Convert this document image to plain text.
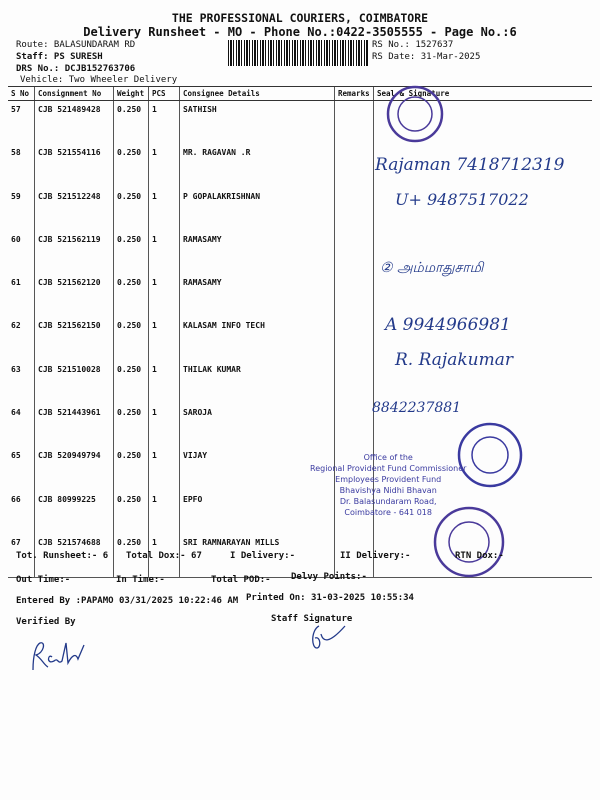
THE PROFESSIONAL COURIERS, COIMBATORE
Delivery Runsheet - MO - Phone No.:0422-3505555 - Page No.:6
Route: BALASUNDARAM RD
Staff: PS SURESH
DRS No.: DCJB152763706
Vehicle: Two Wheeler Delivery
RS No.: 1527637
RS Date: 31-Mar-2025
S No	Consignment No	Weight	PCS	Consignee Details	Remarks	Seal & Signature
57	CJB 521489428	0.250	1	SATHISH		
58	CJB 521554116	0.250	1	MR. RAGAVAN .R		
59	CJB 521512248	0.250	1	P GOPALAKRISHNAN		
60	CJB 521562119	0.250	1	RAMASAMY		
61	CJB 521562120	0.250	1	RAMASAMY		
62	CJB 521562150	0.250	1	KALASAM INFO TECH		
63	CJB 521510028	0.250	1	THILAK KUMAR		
64	CJB 521443961	0.250	1	SAROJA		
65	CJB 520949794	0.250	1	VIJAY		
66	CJB 80999225	0.250	1	EPFO		
67	CJB 521574688	0.250	1	SRI RAMNARAYAN MILLS		
Office of the
Regional Provident Fund Commissioner
Employees Provident Fund
Bhavishya Nidhi Bhavan
Dr. Balasundaram Road,
Coimbatore - 641 018
Rajaman 7418712319
U+ 9487517022
② அம்மாதுசாமி
A 9944966981
R. Rajakumar
8842237881
Tot. Runsheet:- 6 Total Dox:- 67	I Delivery:-	II Delivery:-	RTN Dox:-
Out Time:-	In Time:-	Total POD:- Delvy Points:-
Entered By :PAPAMO 03/31/2025 10:22:46 AM Printed On: 31-03-2025 10:55:34
Verified By	Staff Signature
